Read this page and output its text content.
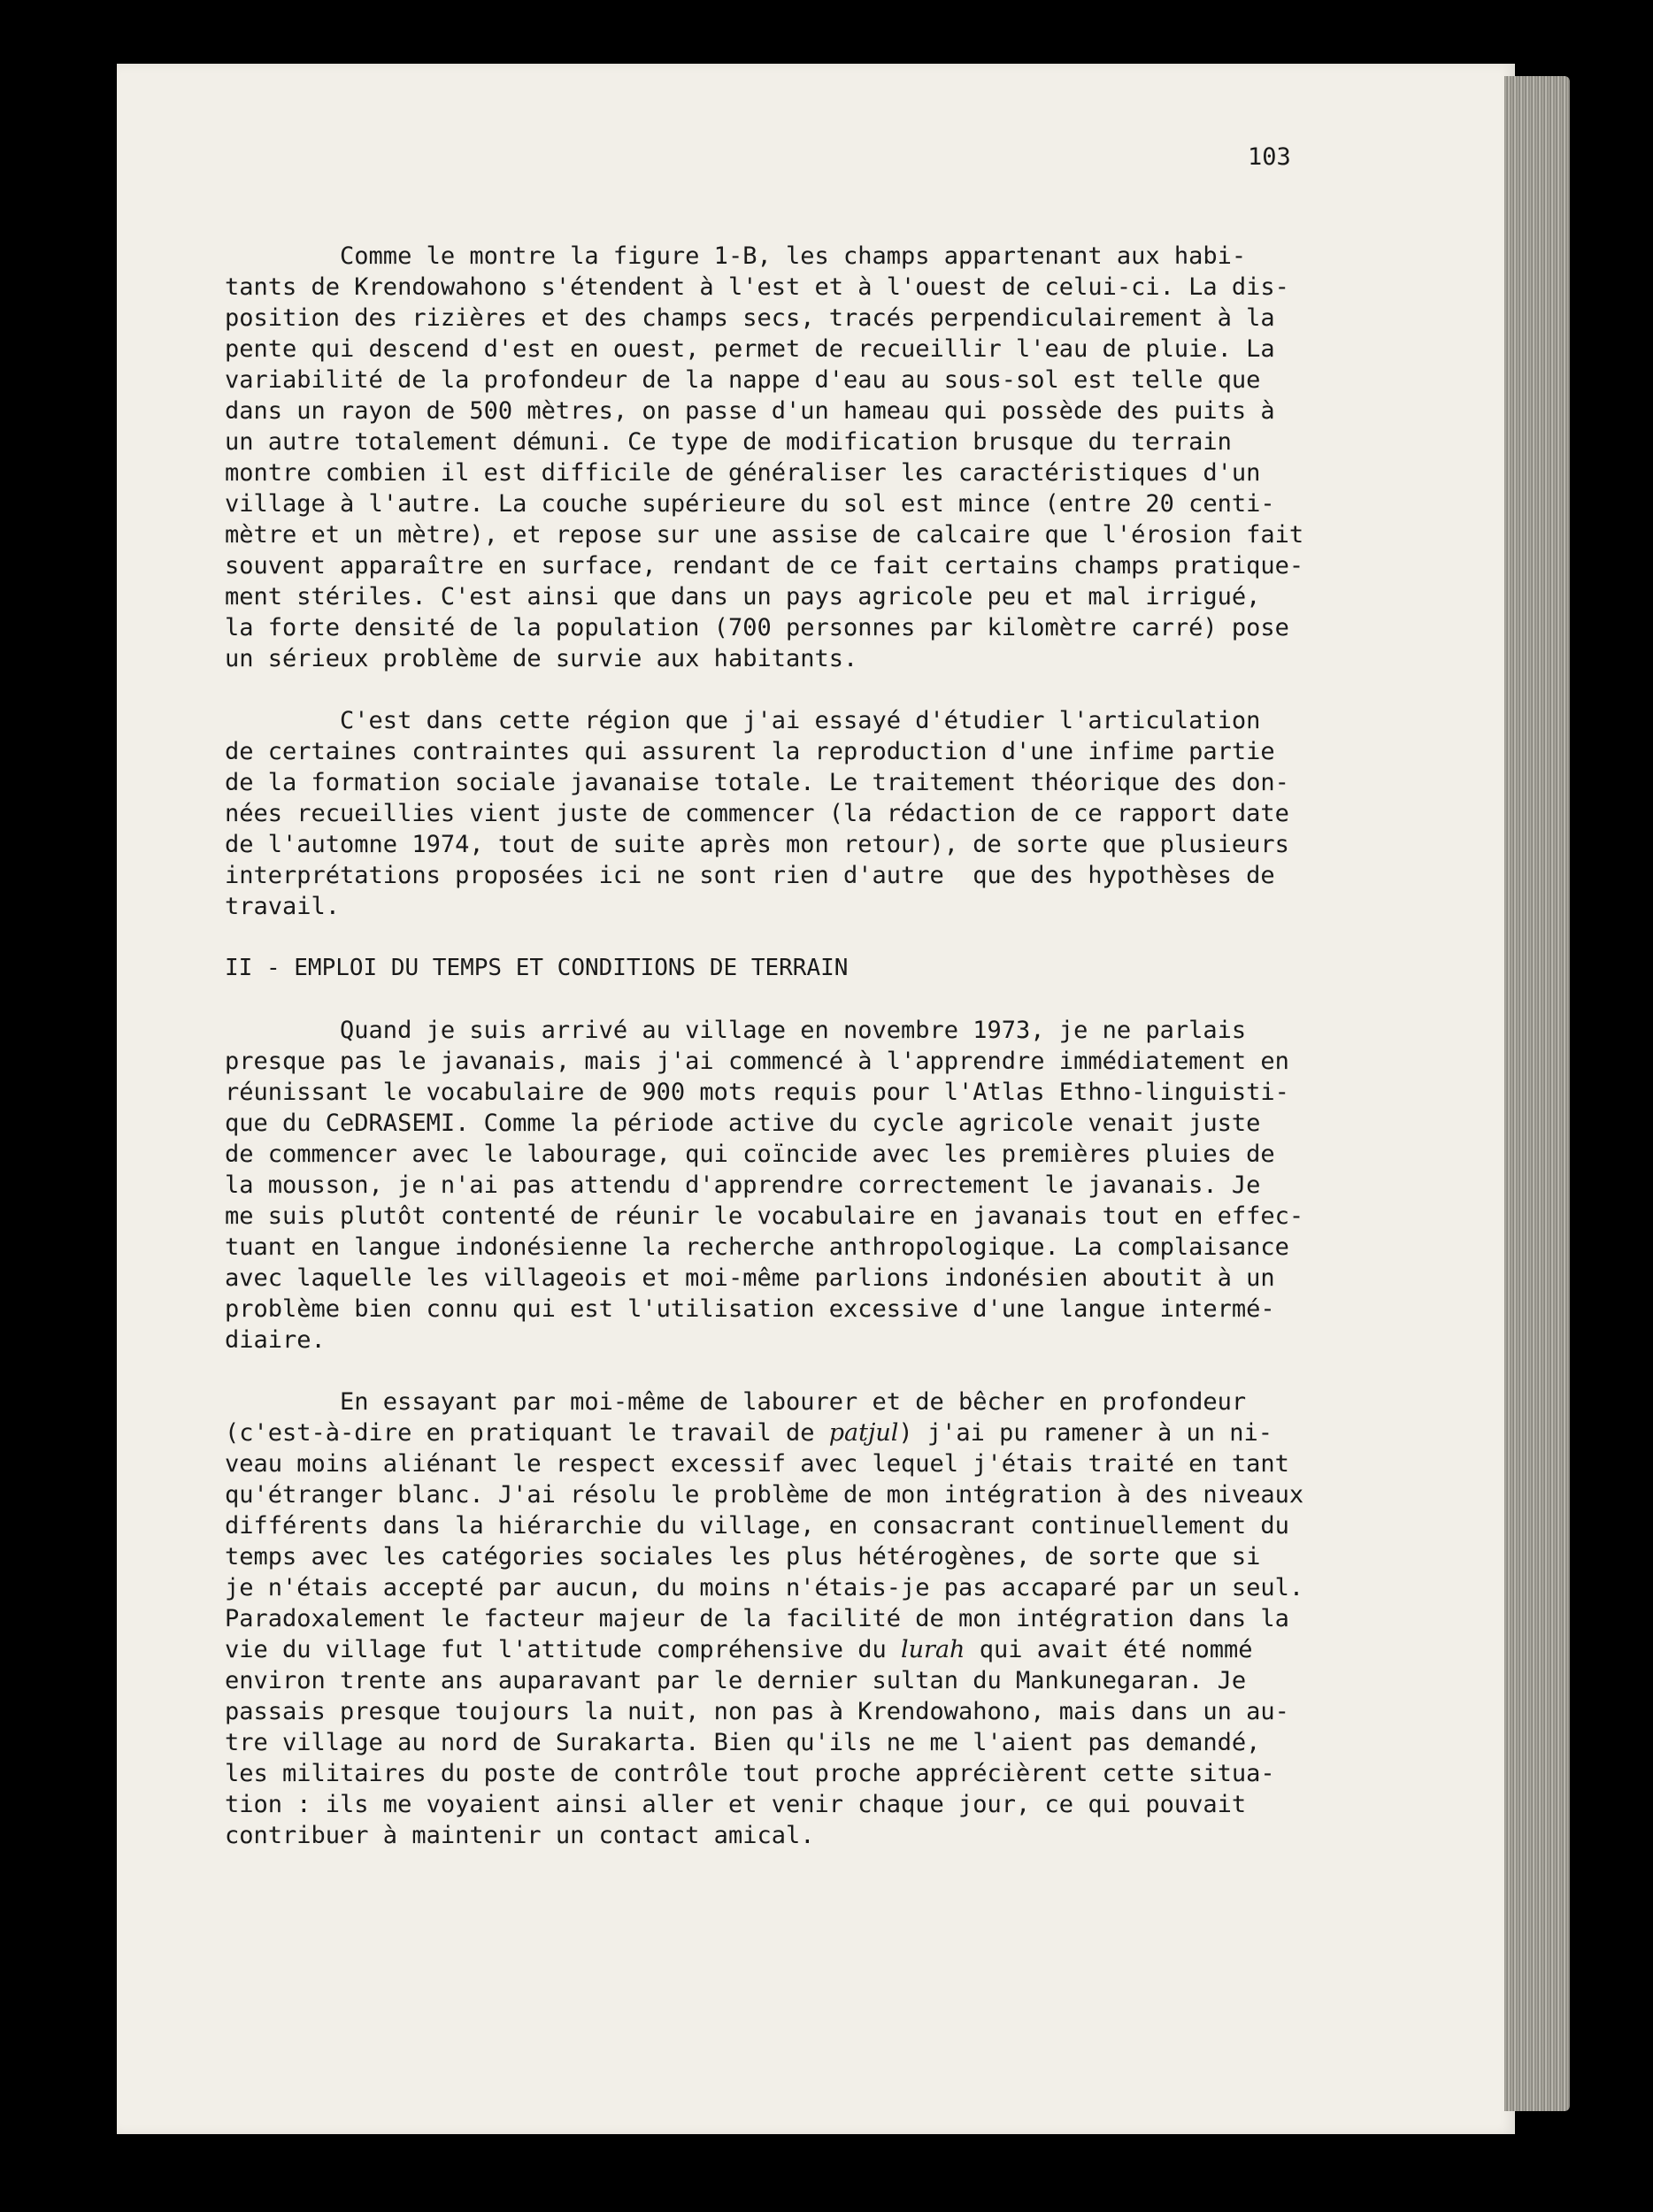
103
Comme le montre la figure 1-B, les champs appartenant aux habi-
tants de Krendowahono s'étendent à l'est et à l'ouest de celui-ci. La dis-
position des rizières et des champs secs, tracés perpendiculairement à la
pente qui descend d'est en ouest, permet de recueillir l'eau de pluie. La
variabilité de la profondeur de la nappe d'eau au sous-sol est telle que
dans un rayon de 500 mètres, on passe d'un hameau qui possède des puits à
un autre totalement démuni. Ce type de modification brusque du terrain
montre combien il est difficile de généraliser les caractéristiques d'un
village à l'autre. La couche supérieure du sol est mince (entre 20 centi-
mètre et un mètre), et repose sur une assise de calcaire que l'érosion fait
souvent apparaître en surface, rendant de ce fait certains champs pratique-
ment stériles. C'est ainsi que dans un pays agricole peu et mal irrigué,
la forte densité de la population (700 personnes par kilomètre carré) pose
un sérieux problème de survie aux habitants.
C'est dans cette région que j'ai essayé d'étudier l'articulation
de certaines contraintes qui assurent la reproduction d'une infime partie
de la formation sociale javanaise totale. Le traitement théorique des don-
nées recueillies vient juste de commencer (la rédaction de ce rapport date
de l'automne 1974, tout de suite après mon retour), de sorte que plusieurs
interprétations proposées ici ne sont rien d'autre  que des hypothèses de
travail.
II - EMPLOI DU TEMPS ET CONDITIONS DE TERRAIN
Quand je suis arrivé au village en novembre 1973, je ne parlais
presque pas le javanais, mais j'ai commencé à l'apprendre immédiatement en
réunissant le vocabulaire de 900 mots requis pour l'Atlas Ethno-linguisti-
que du CeDRASEMI. Comme la période active du cycle agricole venait juste
de commencer avec le labourage, qui coïncide avec les premières pluies de
la mousson, je n'ai pas attendu d'apprendre correctement le javanais. Je
me suis plutôt contenté de réunir le vocabulaire en javanais tout en effec-
tuant en langue indonésienne la recherche anthropologique. La complaisance
avec laquelle les villageois et moi-même parlions indonésien aboutit à un
problème bien connu qui est l'utilisation excessive d'une langue intermé-
diaire.
En essayant par moi-même de labourer et de bêcher en profondeur
(c'est-à-dire en pratiquant le travail de patjul) j'ai pu ramener à un ni-
veau moins aliénant le respect excessif avec lequel j'étais traité en tant
qu'étranger blanc. J'ai résolu le problème de mon intégration à des niveaux
différents dans la hiérarchie du village, en consacrant continuellement du
temps avec les catégories sociales les plus hétérogènes, de sorte que si
je n'étais accepté par aucun, du moins n'étais-je pas accaparé par un seul.
Paradoxalement le facteur majeur de la facilité de mon intégration dans la
vie du village fut l'attitude compréhensive du lurah qui avait été nommé
environ trente ans auparavant par le dernier sultan du Mankunegaran. Je
passais presque toujours la nuit, non pas à Krendowahono, mais dans un au-
tre village au nord de Surakarta. Bien qu'ils ne me l'aient pas demandé,
les militaires du poste de contrôle tout proche apprécièrent cette situa-
tion : ils me voyaient ainsi aller et venir chaque jour, ce qui pouvait
contribuer à maintenir un contact amical.
